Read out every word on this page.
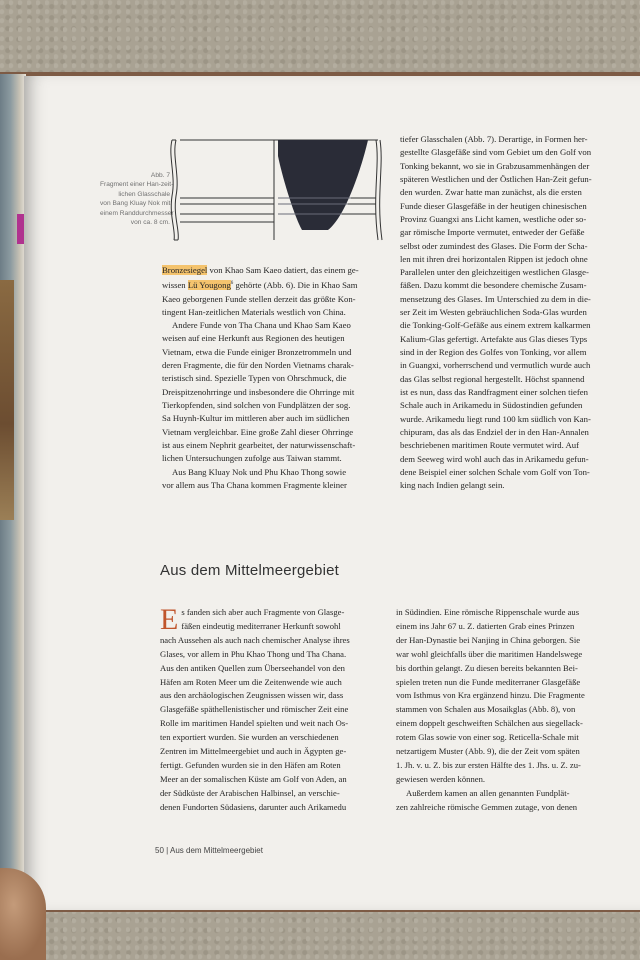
Abb. 7
Fragment einer Han-zeit-
lichen Glasschale
von Bang Kluay Nok mit
einem Randdurchmesser
von ca. 8 cm.
Bronzesiegel von Khao Sam Kaeo datiert, das einem ge-
wissen Lü Yougong$^6$ gehörte (Abb. 6). Die in Khao Sam
Kaeo geborgenen Funde stellen derzeit das größte Kon-
tingent Han-zeitlichen Materials westlich von China.
Andere Funde von Tha Chana und Khao Sam Kaeo
weisen auf eine Herkunft aus Regionen des heutigen
Vietnam, etwa die Funde einiger Bronzetrommeln und
deren Fragmente, die für den Norden Vietnams charak-
teristisch sind. Spezielle Typen von Ohrschmuck, die
Dreispitzenohrringe und insbesondere die Ohrringe mit
Tierkopfenden, sind solchen von Fundplätzen der sog.
Sa Huynh-Kultur im mittleren aber auch im südlichen
Vietnam vergleichbar. Eine große Zahl dieser Ohrringe
ist aus einem Nephrit gearbeitet, der naturwissenschaft-
lichen Untersuchungen zufolge aus Taiwan stammt.
Aus Bang Kluay Nok und Phu Khao Thong sowie
vor allem aus Tha Chana kommen Fragmente kleiner
tiefer Glasschalen (Abb. 7). Derartige, in Formen her-
gestellte Glasgefäße sind vom Gebiet um den Golf von
Tonking bekannt, wo sie in Grabzusammenhängen der
späteren Westlichen und der Östlichen Han-Zeit gefun-
den wurden. Zwar hatte man zunächst, als die ersten
Funde dieser Glasgefäße in der heutigen chinesischen
Provinz Guangxi ans Licht kamen, westliche oder so-
gar römische Importe vermutet, entweder der Gefäße
selbst oder zumindest des Glases. Die Form der Scha-
len mit ihren drei horizontalen Rippen ist jedoch ohne
Parallelen unter den gleichzeitigen westlichen Glasge-
fäßen. Dazu kommt die besondere chemische Zusam-
mensetzung des Glases. Im Unterschied zu dem in die-
ser Zeit im Westen gebräuchlichen Soda-Glas wurden
die Tonking-Golf-Gefäße aus einem extrem kalkarmen
Kalium-Glas gefertigt. Artefakte aus Glas dieses Typs
sind in der Region des Golfes von Tonking, vor allem
in Guangxi, vorherrschend und vermutlich wurde auch
das Glas selbst regional hergestellt. Höchst spannend
ist es nun, dass das Randfragment einer solchen tiefen
Schale auch in Arikamedu in Südostindien gefunden
wurde. Arikamedu liegt rund 100 km südlich von Kan-
chipuram, das als das Endziel der in den Han-Annalen
beschriebenen maritimen Route vermutet wird. Auf
dem Seeweg wird wohl auch das in Arikamedu gefun-
dene Beispiel einer solchen Schale vom Golf von Ton-
king nach Indien gelangt sein.
Aus dem Mittelmeergebiet
E s fanden sich aber auch Fragmente von Glasge-
fäßen eindeutig mediterraner Herkunft sowohl
nach Aussehen als auch nach chemischer Analyse ihres
Glases, vor allem in Phu Khao Thong und Tha Chana.
Aus den antiken Quellen zum Überseehandel von den
Häfen am Roten Meer um die Zeitenwende wie auch
aus den archäologischen Zeugnissen wissen wir, dass
Glasgefäße späthellenistischer und römischer Zeit eine
Rolle im maritimen Handel spielten und weit nach Os-
ten exportiert wurden. Sie wurden an verschiedenen
Zentren im Mittelmeergebiet und auch in Ägypten ge-
fertigt. Gefunden wurden sie in den Häfen am Roten
Meer an der somalischen Küste am Golf von Aden, an
der Südküste der Arabischen Halbinsel, an verschie-
denen Fundorten Südasiens, darunter auch Arikamedu
in Südindien. Eine römische Rippenschale wurde aus
einem ins Jahr 67 u. Z. datierten Grab eines Prinzen
der Han-Dynastie bei Nanjing in China geborgen. Sie
war wohl gleichfalls über die maritimen Handelswege
bis dorthin gelangt. Zu diesen bereits bekannten Bei-
spielen treten nun die Funde mediterraner Glasgefäße
vom Isthmus von Kra ergänzend hinzu. Die Fragmente
stammen von Schalen aus Mosaikglas (Abb. 8), von
einem doppelt geschweiften Schälchen aus siegellack-
rotem Glas sowie von einer sog. Reticella-Schale mit
netzartigem Muster (Abb. 9), die der Zeit vom späten
1. Jh. v. u. Z. bis zur ersten Hälfte des 1. Jhs. u. Z. zu-
gewiesen werden können.
Außerdem kamen an allen genannten Fundplät-
zen zahlreiche römische Gemmen zutage, von denen
50 | Aus dem Mittelmeergebiet
